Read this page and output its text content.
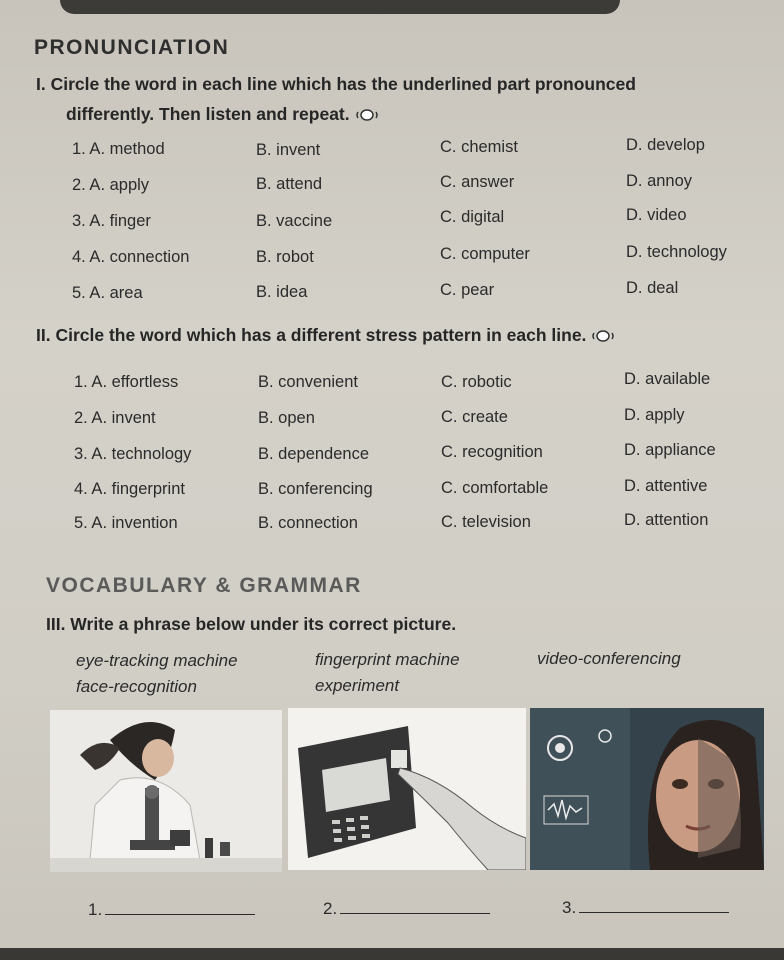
PRONUNCIATION
I. Circle the word in each line which has the underlined part pronounced
differently. Then listen and repeat.
1. A. method	B. invent	C. chemist	D. develop
2. A. apply	B. attend	C. answer	D. annoy
3. A. finger	B. vaccine	C. digital	D. video
4. A. connection	B. robot	C. computer	D. technology
5. A. area	B. idea	C. pear	D. deal
II. Circle the word which has a different stress pattern in each line.
1. A. effortless	B. convenient	C. robotic	D. available
2. A. invent	B. open	C. create	D. apply
3. A. technology	B. dependence	C. recognition	D. appliance
4. A. fingerprint	B. conferencing	C. comfortable	D. attentive
5. A. invention	B. connection	C. television	D. attention
VOCABULARY & GRAMMAR
III. Write a phrase below under its correct picture.
eye-tracking machine	fingerprint machine	video-conferencing
face-recognition	experiment
1.	2.	3.
